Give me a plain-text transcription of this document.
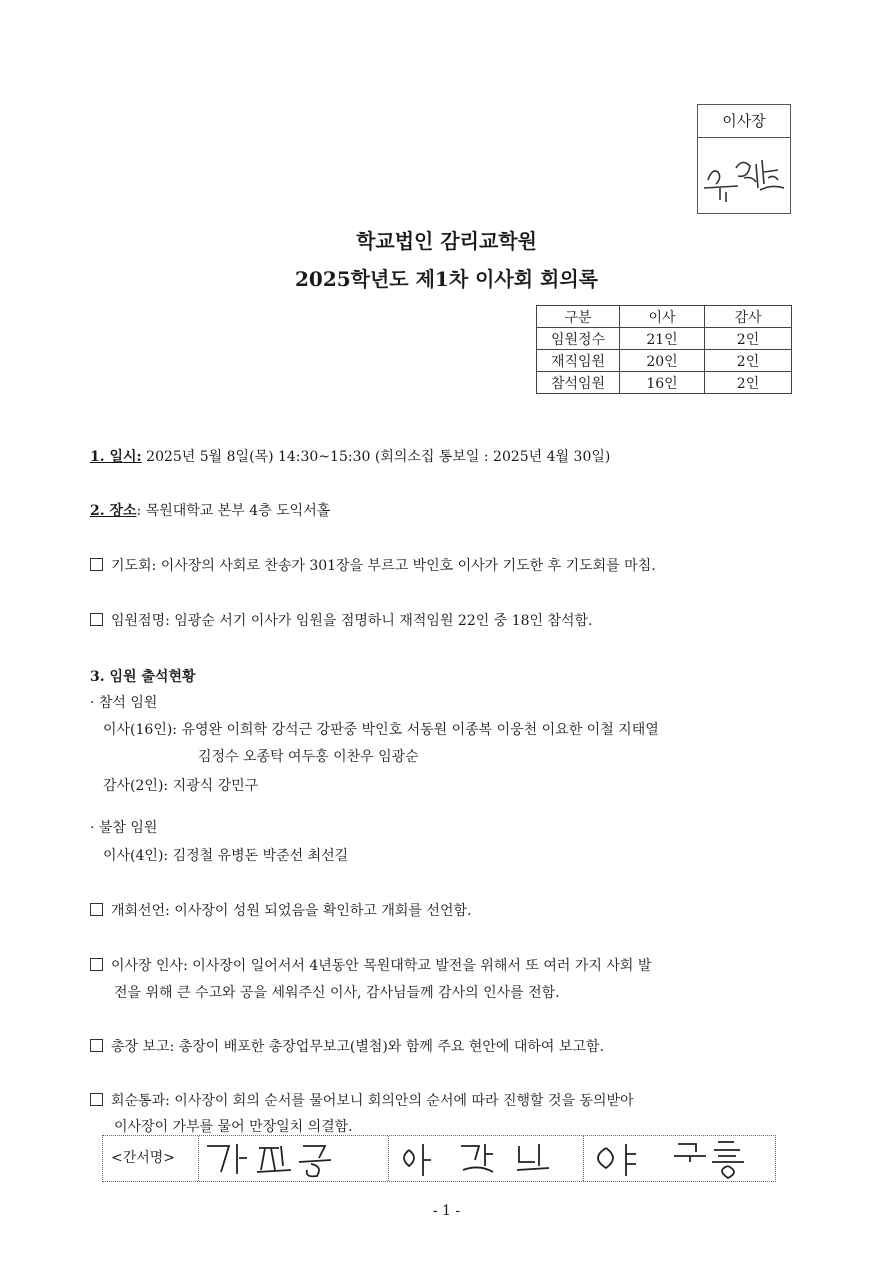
이사장
학교법인 감리교학원
2025학년도 제1차 이사회 회의록
구분	이사	감사
임원정수	21인	2인
재직임원	20인	2인
참석임원	16인	2인
1. 일시: 2025년 5월 8일(목) 14:30~15:30 (회의소집 통보일 : 2025년 4월 30일)
2. 장소: 목원대학교 본부 4층 도익서홀
기도회: 이사장의 사회로 찬송가 301장을 부르고 박인호 이사가 기도한 후 기도회를 마침.
임원점명: 임광순 서기 이사가 임원을 점명하니 재적임원 22인 중 18인 참석함.
3. 임원 출석현황
· 참석 임원
이사(16인): 유영완 이희학 강석근 강판중 박인호 서동원 이종복 이웅천 이요한 이철 지태열
김정수 오종탁 여두홍 이찬우 임광순
감사(2인): 지광식 강민구
· 불참 임원
이사(4인): 김정철 유병돈 박준선 최선길
개회선언: 이사장이 성원 되었음을 확인하고 개회를 선언함.
이사장 인사: 이사장이 일어서서 4년동안 목원대학교 발전을 위해서 또 여러 가지 사회 발
전을 위해 큰 수고와 공을 세워주신 이사, 감사님들께 감사의 인사를 전함.
총장 보고: 총장이 배포한 총장업무보고(별첨)와 함께 주요 현안에 대하여 보고함.
회순통과: 이사장이 회의 순서를 물어보니 회의안의 순서에 따라 진행할 것을 동의받아
이사장이 가부를 물어 만장일치 의결함.
<간서명>
- 1 -
